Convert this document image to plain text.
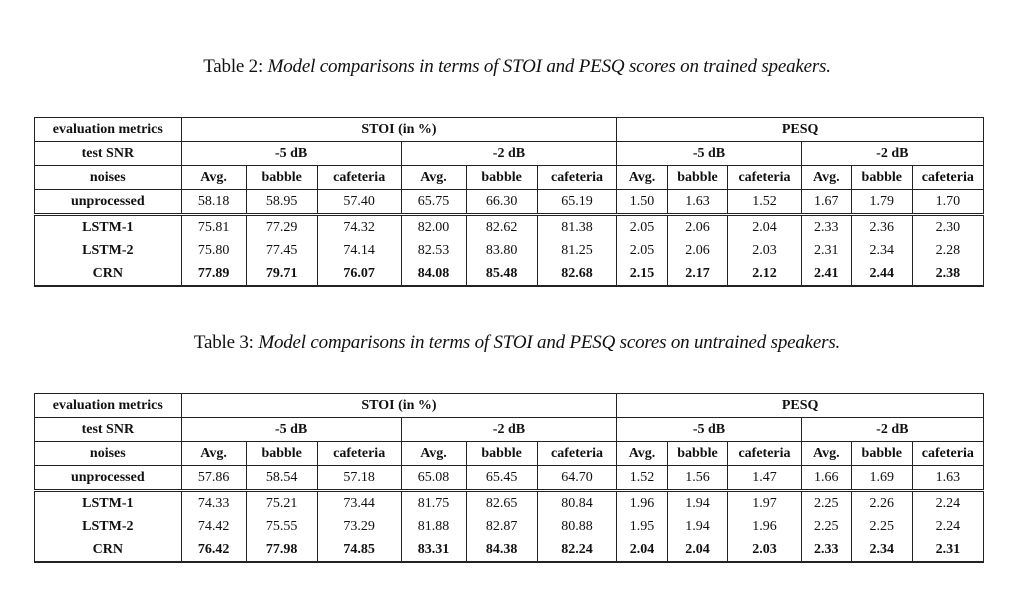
Table 2: Model comparisons in terms of STOI and PESQ scores on trained speakers.
evaluation metrics	STOI (in %)						PESQ					
test SNR	-5 dB			-2 dB			-5 dB			-2 dB		
noises	Avg.	babble	cafeteria	Avg.	babble	cafeteria	Avg.	babble	cafeteria	Avg.	babble	cafeteria
unprocessed	58.18	58.95	57.40	65.75	66.30	65.19	1.50	1.63	1.52	1.67	1.79	1.70
LSTM-1	75.81	77.29	74.32	82.00	82.62	81.38	2.05	2.06	2.04	2.33	2.36	2.30
LSTM-2	75.80	77.45	74.14	82.53	83.80	81.25	2.05	2.06	2.03	2.31	2.34	2.28
CRN	77.89	79.71	76.07	84.08	85.48	82.68	2.15	2.17	2.12	2.41	2.44	2.38
Table 3: Model comparisons in terms of STOI and PESQ scores on untrained speakers.
evaluation metrics	STOI (in %)						PESQ					
test SNR	-5 dB			-2 dB			-5 dB			-2 dB		
noises	Avg.	babble	cafeteria	Avg.	babble	cafeteria	Avg.	babble	cafeteria	Avg.	babble	cafeteria
unprocessed	57.86	58.54	57.18	65.08	65.45	64.70	1.52	1.56	1.47	1.66	1.69	1.63
LSTM-1	74.33	75.21	73.44	81.75	82.65	80.84	1.96	1.94	1.97	2.25	2.26	2.24
LSTM-2	74.42	75.55	73.29	81.88	82.87	80.88	1.95	1.94	1.96	2.25	2.25	2.24
CRN	76.42	77.98	74.85	83.31	84.38	82.24	2.04	2.04	2.03	2.33	2.34	2.31
